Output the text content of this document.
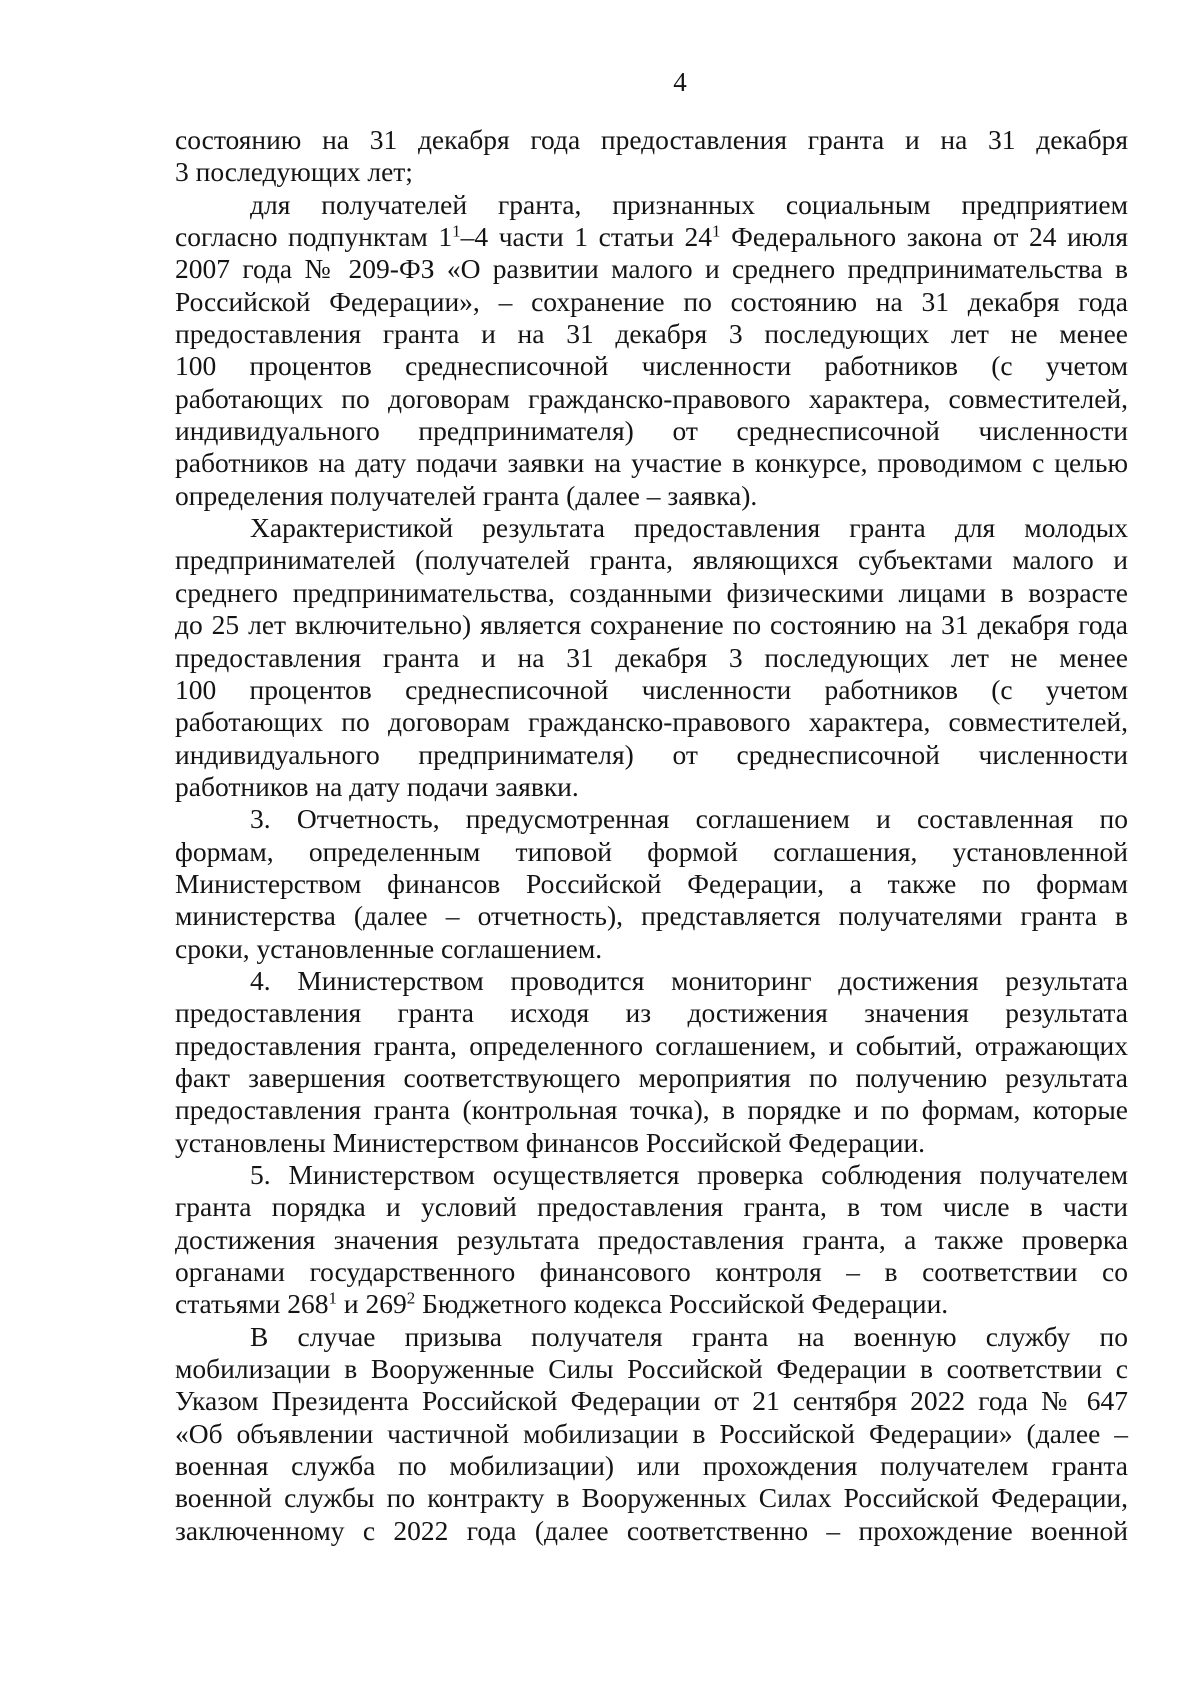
4

состоянию на 31 декабря года предоставления гранта и на 31 декабря
3 последующих лет;

для получателей гранта, признанных социальным предприятием
согласно подпунктам $1^1-4$ части 1 статьи $24^1$ Федерального закона от 24 июля
2007 года № 209-ФЗ «О развитии малого и среднего предпринимательства в
Российской Федерации», – сохранение по состоянию на 31 декабря года
предоставления гранта и на 31 декабря 3 последующих лет не менее
100 процентов среднесписочной численности работников (с учетом
работающих по договорам гражданско-правового характера, совместителей,
индивидуального предпринимателя) от среднесписочной численности
работников на дату подачи заявки на участие в конкурсе, проводимом с целью
определения получателей гранта (далее – заявка).

Характеристикой результата предоставления гранта для молодых
предпринимателей (получателей гранта, являющихся субъектами малого и
среднего предпринимательства, созданными физическими лицами в возрасте
до 25 лет включительно) является сохранение по состоянию на 31 декабря года
предоставления гранта и на 31 декабря 3 последующих лет не менее
100 процентов среднесписочной численности работников (с учетом
работающих по договорам гражданско-правового характера, совместителей,
индивидуального предпринимателя) от среднесписочной численности
работников на дату подачи заявки.

3. Отчетность, предусмотренная соглашением и составленная по
формам, определенным типовой формой соглашения, установленной
Министерством финансов Российской Федерации, а также по формам
министерства (далее – отчетность), представляется получателями гранта в
сроки, установленные соглашением.

4. Министерством проводится мониторинг достижения результата
предоставления гранта исходя из достижения значения результата
предоставления гранта, определенного соглашением, и событий, отражающих
факт завершения соответствующего мероприятия по получению результата
предоставления гранта (контрольная точка), в порядке и по формам, которые
установлены Министерством финансов Российской Федерации.

5. Министерством осуществляется проверка соблюдения получателем
гранта порядка и условий предоставления гранта, в том числе в части
достижения значения результата предоставления гранта, а также проверка
органами государственного финансового контроля – в соответствии со
статьями $268^1$ и $269^2$ Бюджетного кодекса Российской Федерации.

В случае призыва получателя гранта на военную службу по
мобилизации в Вооруженные Силы Российской Федерации в соответствии с
Указом Президента Российской Федерации от 21 сентября 2022 года № 647
«Об объявлении частичной мобилизации в Российской Федерации» (далее –
военная служба по мобилизации) или прохождения получателем гранта
военной службы по контракту в Вооруженных Силах Российской Федерации,
заключенному с 2022 года (далее соответственно – прохождение военной
